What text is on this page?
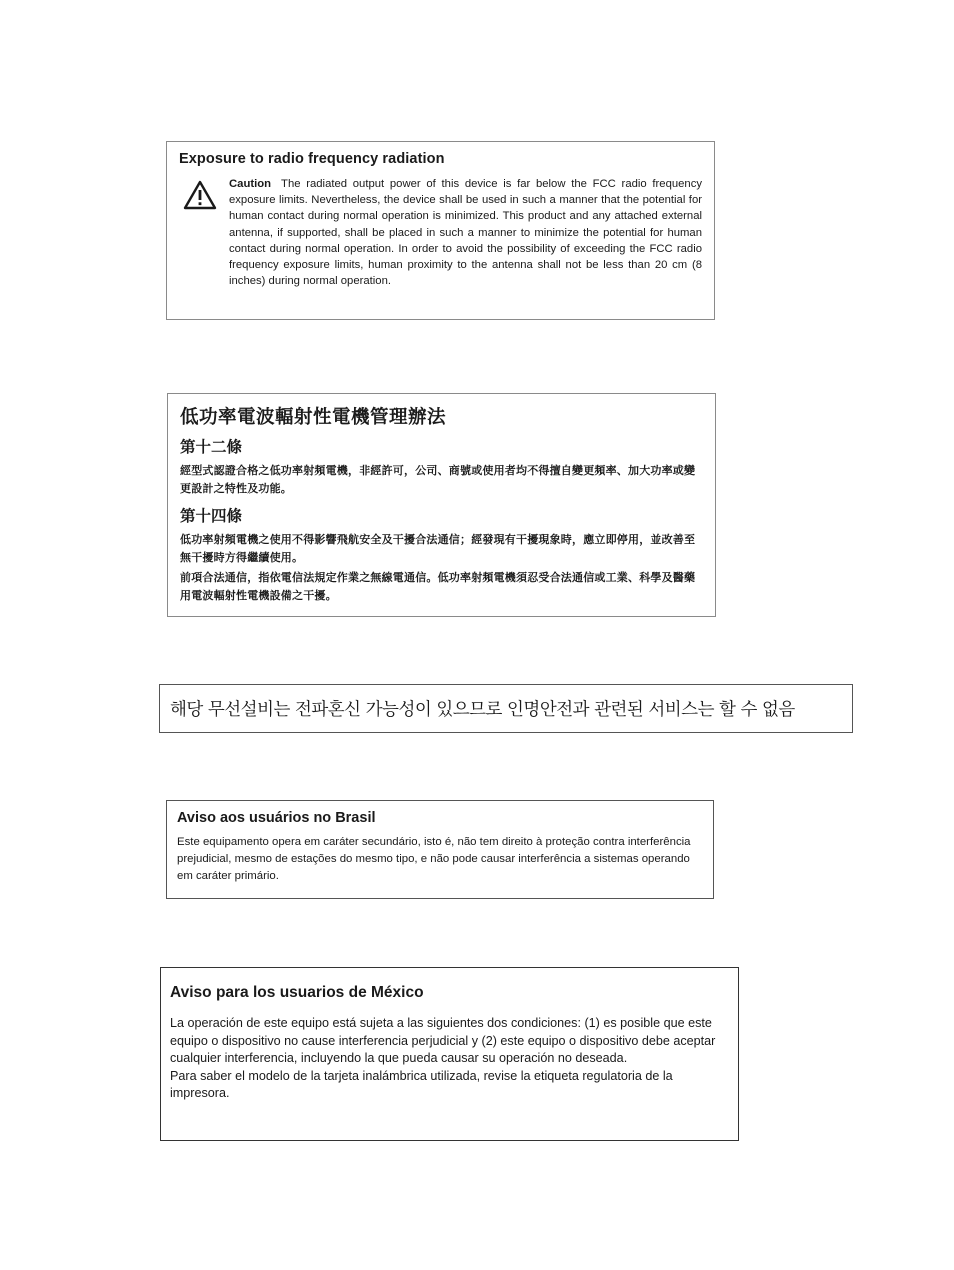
Exposure to radio frequency radiation

Caution The radiated output power of this device is far below the FCC radio frequency exposure limits. Nevertheless, the device shall be used in such a manner that the potential for human contact during normal operation is minimized. This product and any attached external antenna, if supported, shall be placed in such a manner to minimize the potential for human contact during normal operation. In order to avoid the possibility of exceeding the FCC radio frequency exposure limits, human proximity to the antenna shall not be less than 20 cm (8 inches) during normal operation.

低功率電波輻射性電機管理辦法

第十二條

經型式認證合格之低功率射頻電機，非經許可，公司、商號或使用者均不得擅自變更頻率、加大功率或變更設計之特性及功能。

第十四條

低功率射頻電機之使用不得影響飛航安全及干擾合法通信；經發現有干擾現象時，應立即停用，並改善至無干擾時方得繼續使用。

前項合法通信，指依電信法規定作業之無線電通信。低功率射頻電機須忍受合法通信或工業、科學及醫藥用電波輻射性電機設備之干擾。

해당 무선설비는 전파혼신 가능성이 있으므로 인명안전과 관련된 서비스는 할 수 없음

Aviso aos usuários no Brasil

Este equipamento opera em caráter secundário, isto é, não tem direito à proteção contra interferência prejudicial, mesmo de estações do mesmo tipo, e não pode causar interferência a sistemas operando em caráter primário.

Aviso para los usuarios de México

La operación de este equipo está sujeta a las siguientes dos condiciones: (1) es posible que este equipo o dispositivo no cause interferencia perjudicial y (2) este equipo o dispositivo debe aceptar cualquier interferencia, incluyendo la que pueda causar su operación no deseada.

Para saber el modelo de la tarjeta inalámbrica utilizada, revise la etiqueta regulatoria de la impresora.
